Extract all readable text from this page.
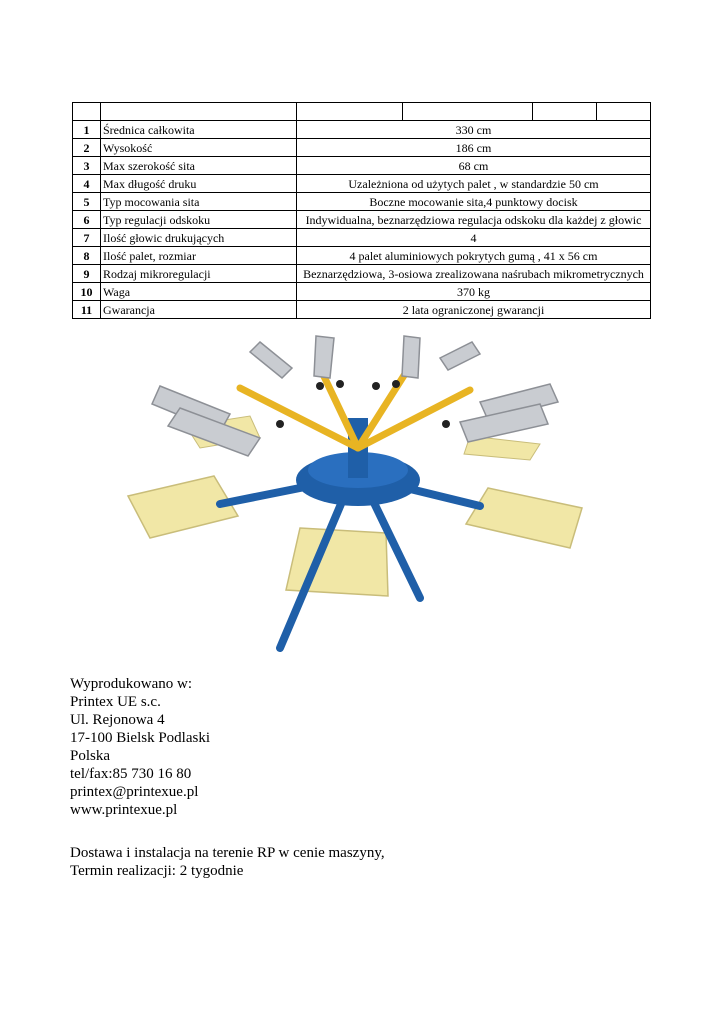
1	Średnica całkowita	330 cm			
2	Wysokość	186 cm			
3	Max szerokość sita	68 cm			
4	Max długość druku	Uzależniona od użytych palet , w standardzie 50 cm			
5	Typ mocowania sita	Boczne mocowanie sita,4 punktowy docisk			
6	Typ regulacji odskoku	Indywidualna, beznarzędziowa regulacja odskoku dla każdej z głowic			
7	Ilość głowic drukujących	4			
8	Ilość palet, rozmiar	4 palet aluminiowych pokrytych gumą , 41 x 56 cm			
9	Rodzaj mikroregulacji	Beznarzędziowa, 3-osiowa zrealizowana naśrubach mikrometrycznych			
10	Waga	370 kg			
11	Gwarancja	2 lata ograniczonej gwarancji			
Wyprodukowano w:
Printex UE s.c.
Ul. Rejonowa 4
17-100 Bielsk Podlaski
Polska
tel/fax:85 730 16 80
printex@printexue.pl
www.printexue.pl
Dostawa i instalacja na terenie RP w cenie maszyny,
Termin realizacji: 2 tygodnie
